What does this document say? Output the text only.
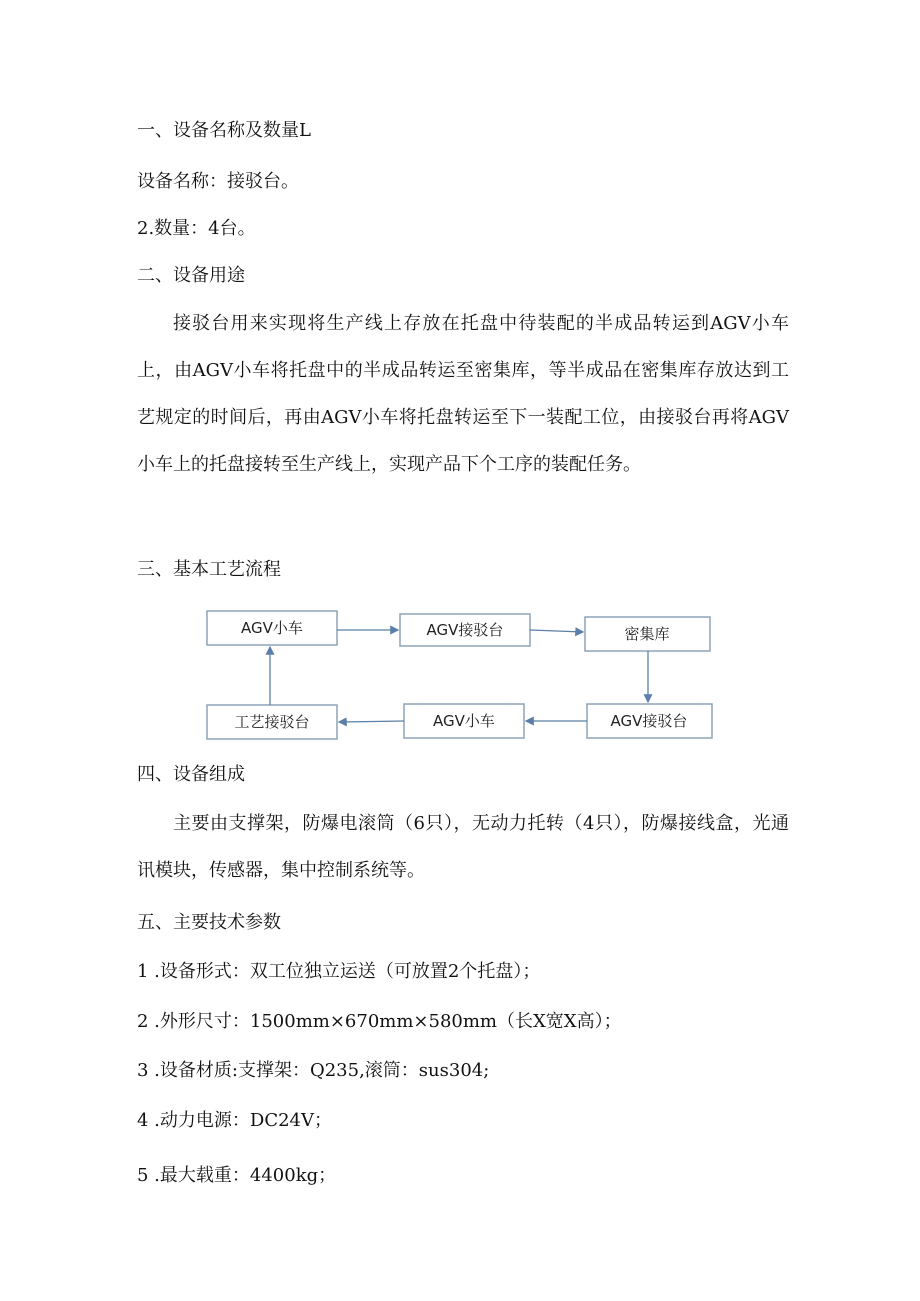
一、设备名称及数量L
设备名称：接驳台。
2.数量：4台。
二、设备用途
接驳台用来实现将生产线上存放在托盘中待装配的半成品转运到AGV小车上，由AGV小车将托盘中的半成品转运至密集库，等半成品在密集库存放达到工艺规定的时间后，再由AGV小车将托盘转运至下一装配工位，由接驳台再将AGV小车上的托盘接转至生产线上，实现产品下个工序的装配任务。
三、基本工艺流程
AGV小车	AGV接驳台	密集库
工艺接驳台	AGV小车	AGV接驳台
四、设备组成
主要由支撑架，防爆电滚筒（6只），无动力托转（4只），防爆接线盒，光通讯模块，传感器，集中控制系统等。
五、主要技术参数
1 .设备形式：双工位独立运送（可放置2个托盘）；
2 .外形尺寸：1500mm×670mm×580mm（长X宽X高）；
3 .设备材质:支撑架：Q235,滚筒：sus304;
4 .动力电源：DC24V；
5 .最大载重：4400kg；
